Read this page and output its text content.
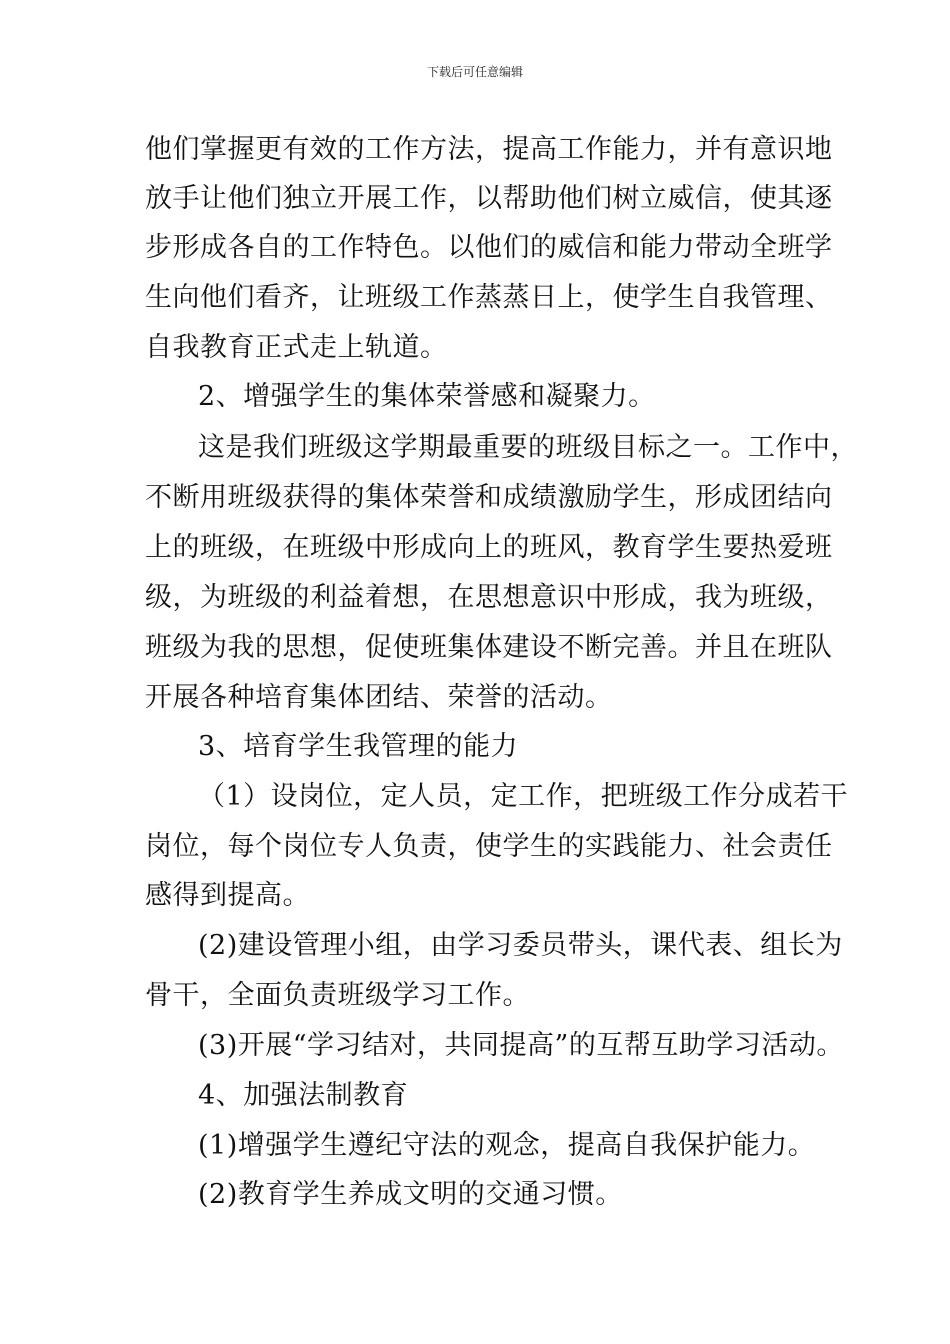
下载后可任意编辑
他们掌握更有效的工作方法，提高工作能力，并有意识地
放手让他们独立开展工作，以帮助他们树立威信，使其逐
步形成各自的工作特色。以他们的威信和能力带动全班学
生向他们看齐，让班级工作蒸蒸日上，使学生自我管理、
自我教育正式走上轨道。
2、增强学生的集体荣誉感和凝聚力。
这是我们班级这学期最重要的班级目标之一。工作中，
不断用班级获得的集体荣誉和成绩激励学生，形成团结向
上的班级，在班级中形成向上的班风，教育学生要热爱班
级，为班级的利益着想，在思想意识中形成，我为班级，
班级为我的思想，促使班集体建设不断完善。并且在班队
开展各种培育集体团结、荣誉的活动。
3、培育学生我管理的能力
（1）设岗位，定人员，定工作，把班级工作分成若干
岗位，每个岗位专人负责，使学生的实践能力、社会责任
感得到提高。
(2)建设管理小组，由学习委员带头，课代表、组长为
骨干，全面负责班级学习工作。
(3)开展“学习结对，共同提高”的互帮互助学习活动。
4、加强法制教育
(1)增强学生遵纪守法的观念，提高自我保护能力。
(2)教育学生养成文明的交通习惯。
